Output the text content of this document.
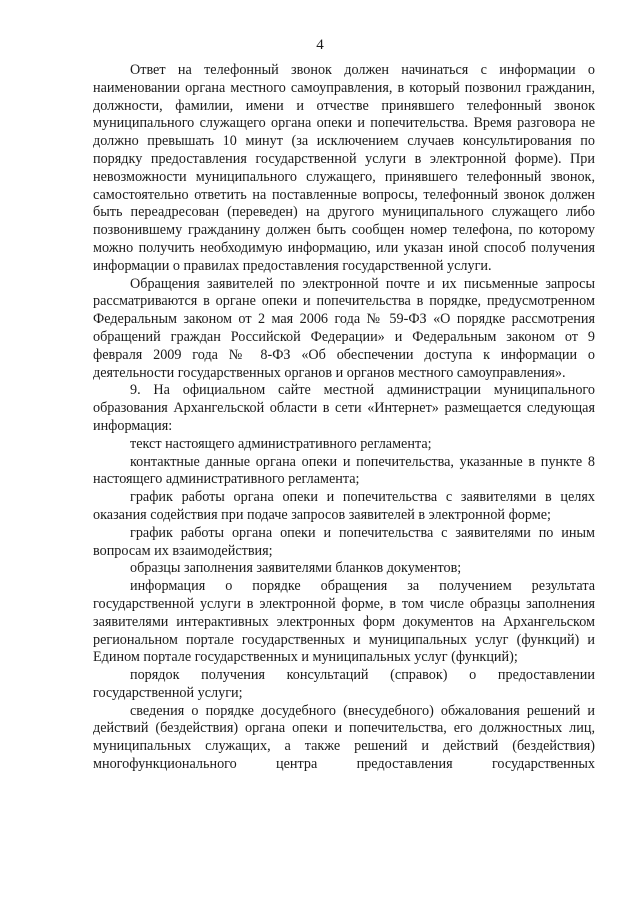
4

Ответ на телефонный звонок должен начинаться с информации о наименовании органа местного самоуправления, в который позвонил гражданин, должности, фамилии, имени и отчестве принявшего телефонный звонок муниципального служащего органа опеки и попечительства. Время разговора не должно превышать 10 минут (за исключением случаев консультирования по порядку предоставления государственной услуги в электронной форме). При невозможности муниципального служащего, принявшего телефонный звонок, самостоятельно ответить на поставленные вопросы, телефонный звонок должен быть переадресован (переведен) на другого муниципального служащего либо позвонившему гражданину должен быть сообщен номер телефона, по которому можно получить необходимую информацию, или указан иной способ получения информации о правилах предоставления государственной услуги.

Обращения заявителей по электронной почте и их письменные запросы рассматриваются в органе опеки и попечительства в порядке, предусмотренном Федеральным законом от 2 мая 2006 года № 59-ФЗ «О порядке рассмотрения обращений граждан Российской Федерации» и Федеральным законом от 9 февраля 2009 года № 8-ФЗ «Об обеспечении доступа к информации о деятельности государственных органов и органов местного самоуправления».

9. На официальном сайте местной администрации муниципального образования Архангельской области в сети «Интернет» размещается следующая информация:

текст настоящего административного регламента;

контактные данные органа опеки и попечительства, указанные в пункте 8 настоящего административного регламента;

график работы органа опеки и попечительства с заявителями в целях оказания содействия при подаче запросов заявителей в электронной форме;

график работы органа опеки и попечительства с заявителями по иным вопросам их взаимодействия;

образцы заполнения заявителями бланков документов;

информация о порядке обращения за получением результата государственной услуги в электронной форме, в том числе образцы заполнения заявителями интерактивных электронных форм документов на Архангельском региональном портале государственных и муниципальных услуг (функций) и Едином портале государственных и муниципальных услуг (функций);

порядок получения консультаций (справок) о предоставлении государственной услуги;

сведения о порядке досудебного (внесудебного) обжалования решений и действий (бездействия) органа опеки и попечительства, его должностных лиц, муниципальных служащих, а также решений и действий (бездействия) многофункционального центра предоставления государственных
